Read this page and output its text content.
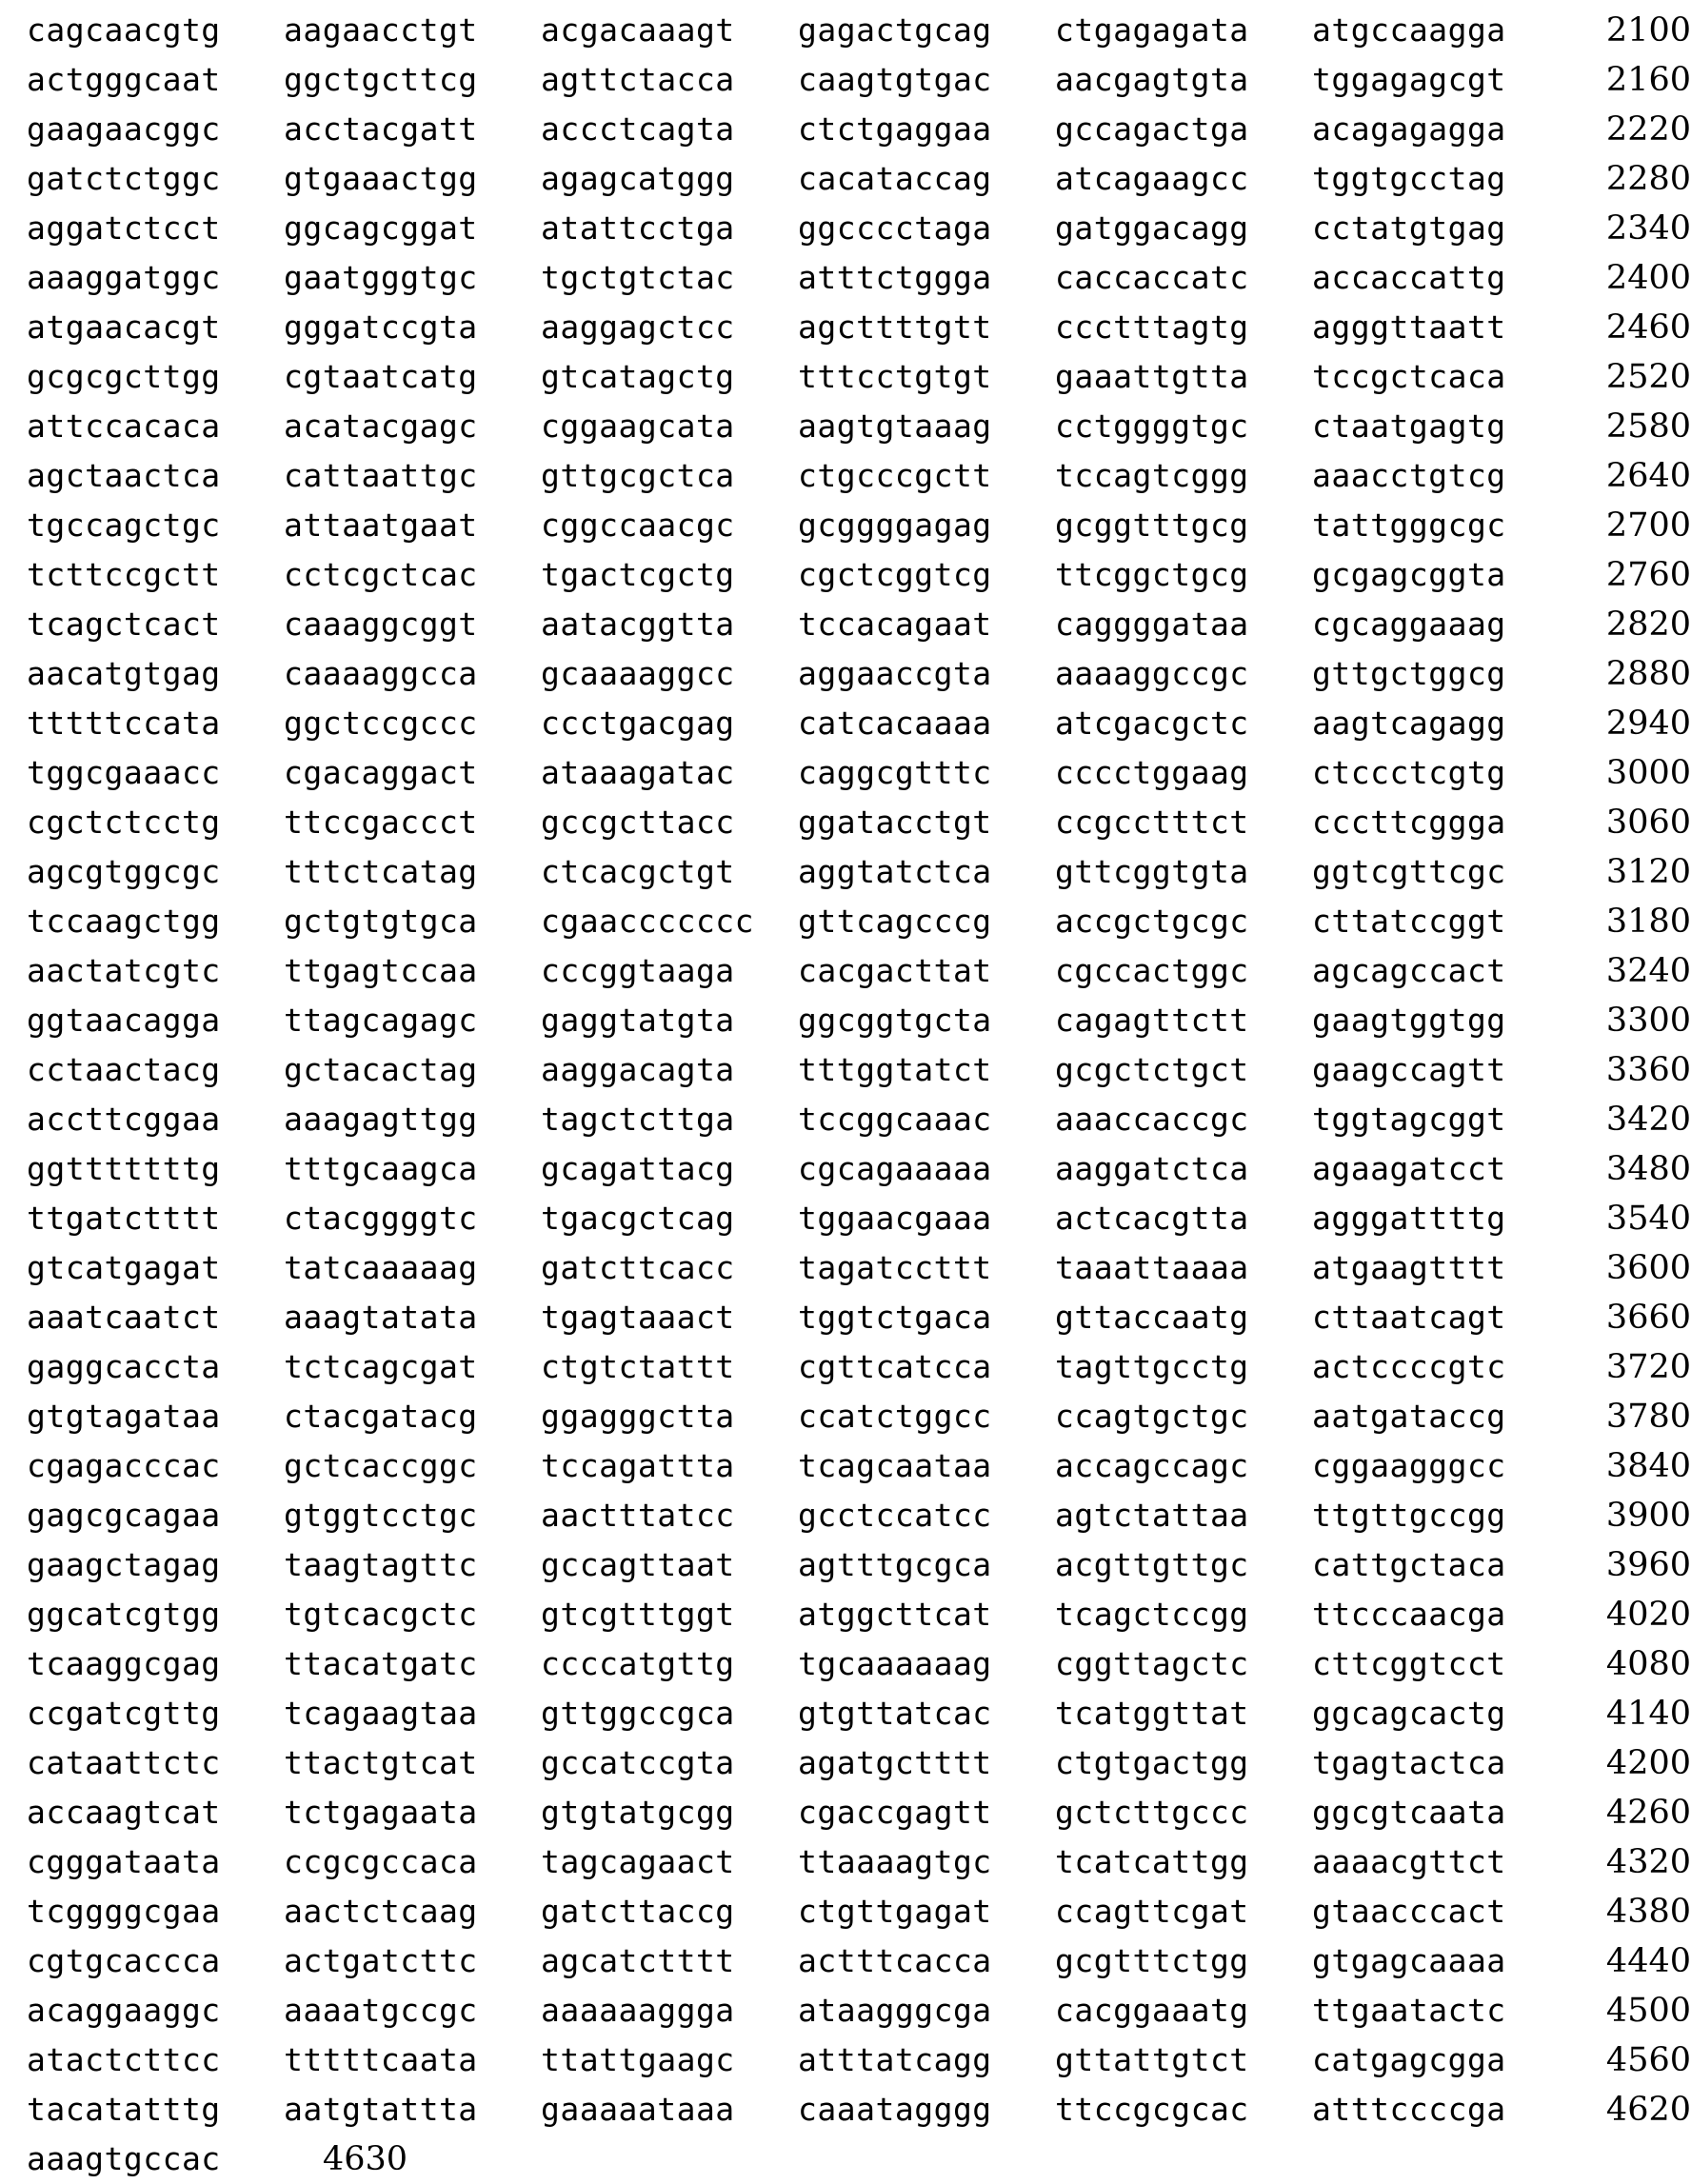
cagcaacgtg	aagaacctgt	acgacaaagt	gagactgcag	ctgagagata	atgccaagga	2100
actgggcaat	ggctgcttcg	agttctacca	caagtgtgac	aacgagtgta	tggagagcgt	2160
gaagaacggc	acctacgatt	accctcagta	ctctgaggaa	gccagactga	acagagagga	2220
gatctctggc	gtgaaactgg	agagcatggg	cacataccag	atcagaagcc	tggtgcctag	2280
aggatctcct	ggcagcggat	atattcctga	ggcccctaga	gatggacagg	cctatgtgag	2340
aaaggatggc	gaatgggtgc	tgctgtctac	atttctggga	caccaccatc	accaccattg	2400
atgaacacgt	gggatccgta	aaggagctcc	agcttttgtt	ccctttagtg	agggttaatt	2460
gcgcgcttgg	cgtaatcatg	gtcatagctg	tttcctgtgt	gaaattgtta	tccgctcaca	2520
attccacaca	acatacgagc	cggaagcata	aagtgtaaag	cctggggtgc	ctaatgagtg	2580
agctaactca	cattaattgc	gttgcgctca	ctgcccgctt	tccagtcggg	aaacctgtcg	2640
tgccagctgc	attaatgaat	cggccaacgc	gcggggagag	gcggtttgcg	tattgggcgc	2700
tcttccgctt	cctcgctcac	tgactcgctg	cgctcggtcg	ttcggctgcg	gcgagcggta	2760
tcagctcact	caaaggcggt	aatacggtta	tccacagaat	caggggataa	cgcaggaaag	2820
aacatgtgag	caaaaggcca	gcaaaaggcc	aggaaccgta	aaaaggccgc	gttgctggcg	2880
tttttccata	ggctccgccc	ccctgacgag	catcacaaaa	atcgacgctc	aagtcagagg	2940
tggcgaaacc	cgacaggact	ataaagatac	caggcgtttc	cccctggaag	ctccctcgtg	3000
cgctctcctg	ttccgaccct	gccgcttacc	ggatacctgt	ccgcctttct	cccttcggga	3060
agcgtggcgc	tttctcatag	ctcacgctgt	aggtatctca	gttcggtgta	ggtcgttcgc	3120
tccaagctgg	gctgtgtgca	cgaaccccccc	gttcagcccg	accgctgcgc	cttatccggt	3180
aactatcgtc	ttgagtccaa	cccggtaaga	cacgacttat	cgccactggc	agcagccact	3240
ggtaacagga	ttagcagagc	gaggtatgta	ggcggtgcta	cagagttctt	gaagtggtgg	3300
cctaactacg	gctacactag	aaggacagta	tttggtatct	gcgctctgct	gaagccagtt	3360
accttcggaa	aaagagttgg	tagctcttga	tccggcaaac	aaaccaccgc	tggtagcggt	3420
ggtttttttg	tttgcaagca	gcagattacg	cgcagaaaaa	aaggatctca	agaagatcct	3480
ttgatctttt	ctacggggtc	tgacgctcag	tggaacgaaa	actcacgtta	agggattttg	3540
gtcatgagat	tatcaaaaag	gatcttcacc	tagatccttt	taaattaaaa	atgaagtttt	3600
aaatcaatct	aaagtatata	tgagtaaact	tggtctgaca	gttaccaatg	cttaatcagt	3660
gaggcaccta	tctcagcgat	ctgtctattt	cgttcatcca	tagttgcctg	actccccgtc	3720
gtgtagataa	ctacgatacg	ggagggctta	ccatctggcc	ccagtgctgc	aatgataccg	3780
cgagacccac	gctcaccggc	tccagattta	tcagcaataa	accagccagc	cggaagggcc	3840
gagcgcagaa	gtggtcctgc	aactttatcc	gcctccatcc	agtctattaa	ttgttgccgg	3900
gaagctagag	taagtagttc	gccagttaat	agtttgcgca	acgttgttgc	cattgctaca	3960
ggcatcgtgg	tgtcacgctc	gtcgtttggt	atggcttcat	tcagctccgg	ttcccaacga	4020
tcaaggcgag	ttacatgatc	ccccatgttg	tgcaaaaaag	cggttagctc	cttcggtcct	4080
ccgatcgttg	tcagaagtaa	gttggccgca	gtgttatcac	tcatggttat	ggcagcactg	4140
cataattctc	ttactgtcat	gccatccgta	agatgctttt	ctgtgactgg	tgagtactca	4200
accaagtcat	tctgagaata	gtgtatgcgg	cgaccgagtt	gctcttgccc	ggcgtcaata	4260
cgggataata	ccgcgccaca	tagcagaact	ttaaaagtgc	tcatcattgg	aaaacgttct	4320
tcggggcgaa	aactctcaag	gatcttaccg	ctgttgagat	ccagttcgat	gtaacccact	4380
cgtgcaccca	actgatcttc	agcatctttt	actttcacca	gcgtttctgg	gtgagcaaaa	4440
acaggaaggc	aaaatgccgc	aaaaaaggga	ataagggcga	cacggaaatg	ttgaatactc	4500
atactcttcc	tttttcaata	ttattgaagc	atttatcagg	gttattgtct	catgagcgga	4560
tacatatttg	aatgtattta	gaaaaataaa	caaatagggg	ttccgcgcac	atttccccga	4620
aaagtgccac	4630
